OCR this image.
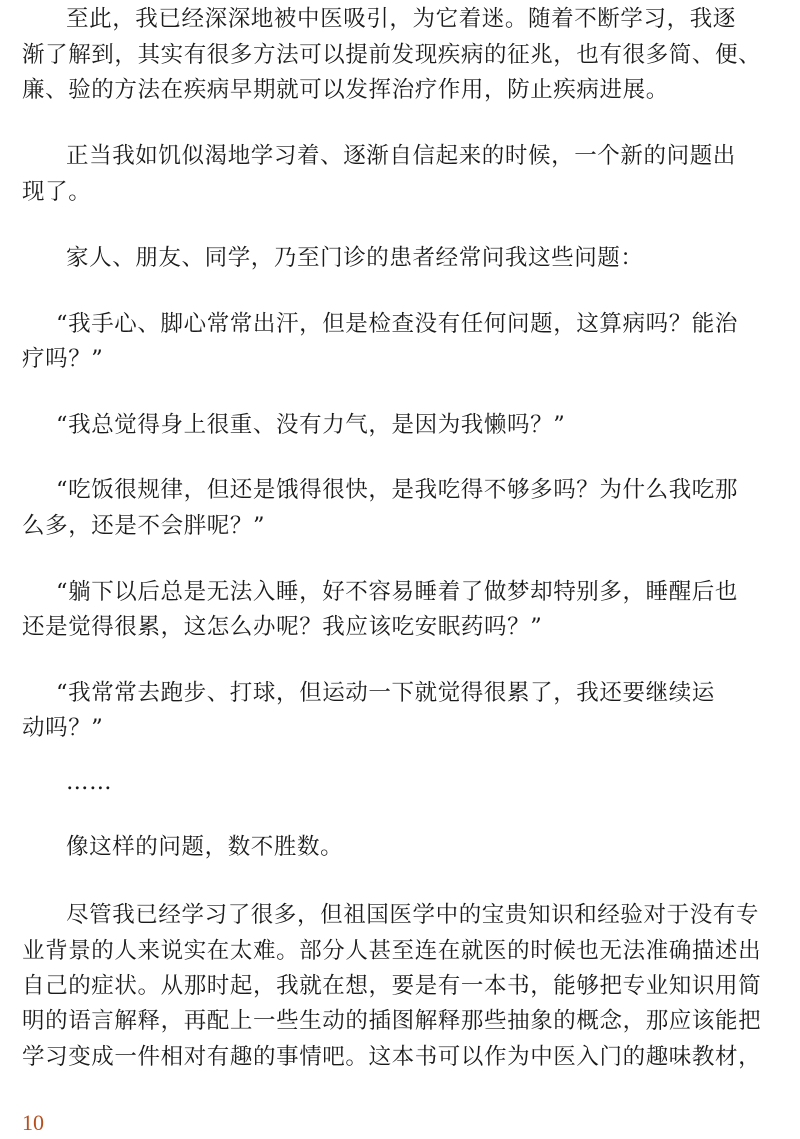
至此，我已经深深地被中医吸引，为它着迷。随着不断学习，我逐
渐了解到，其实有很多方法可以提前发现疾病的征兆，也有很多简、便、
廉、验的方法在疾病早期就可以发挥治疗作用，防止疾病进展。
正当我如饥似渴地学习着、逐渐自信起来的时候，一个新的问题出
现了。
家人、朋友、同学，乃至门诊的患者经常问我这些问题：
“我手心、脚心常常出汗，但是检查没有任何问题，这算病吗？能治
疗吗？”
“我总觉得身上很重、没有力气，是因为我懒吗？”
“吃饭很规律，但还是饿得很快，是我吃得不够多吗？为什么我吃那
么多，还是不会胖呢？”
“躺下以后总是无法入睡，好不容易睡着了做梦却特别多，睡醒后也
还是觉得很累，这怎么办呢？我应该吃安眠药吗？”
“我常常去跑步、打球，但运动一下就觉得很累了，我还要继续运
动吗？”
……
像这样的问题，数不胜数。
尽管我已经学习了很多，但祖国医学中的宝贵知识和经验对于没有专
业背景的人来说实在太难。部分人甚至连在就医的时候也无法准确描述出
自己的症状。从那时起，我就在想，要是有一本书，能够把专业知识用简
明的语言解释，再配上一些生动的插图解释那些抽象的概念，那应该能把
学习变成一件相对有趣的事情吧。这本书可以作为中医入门的趣味教材，
10
